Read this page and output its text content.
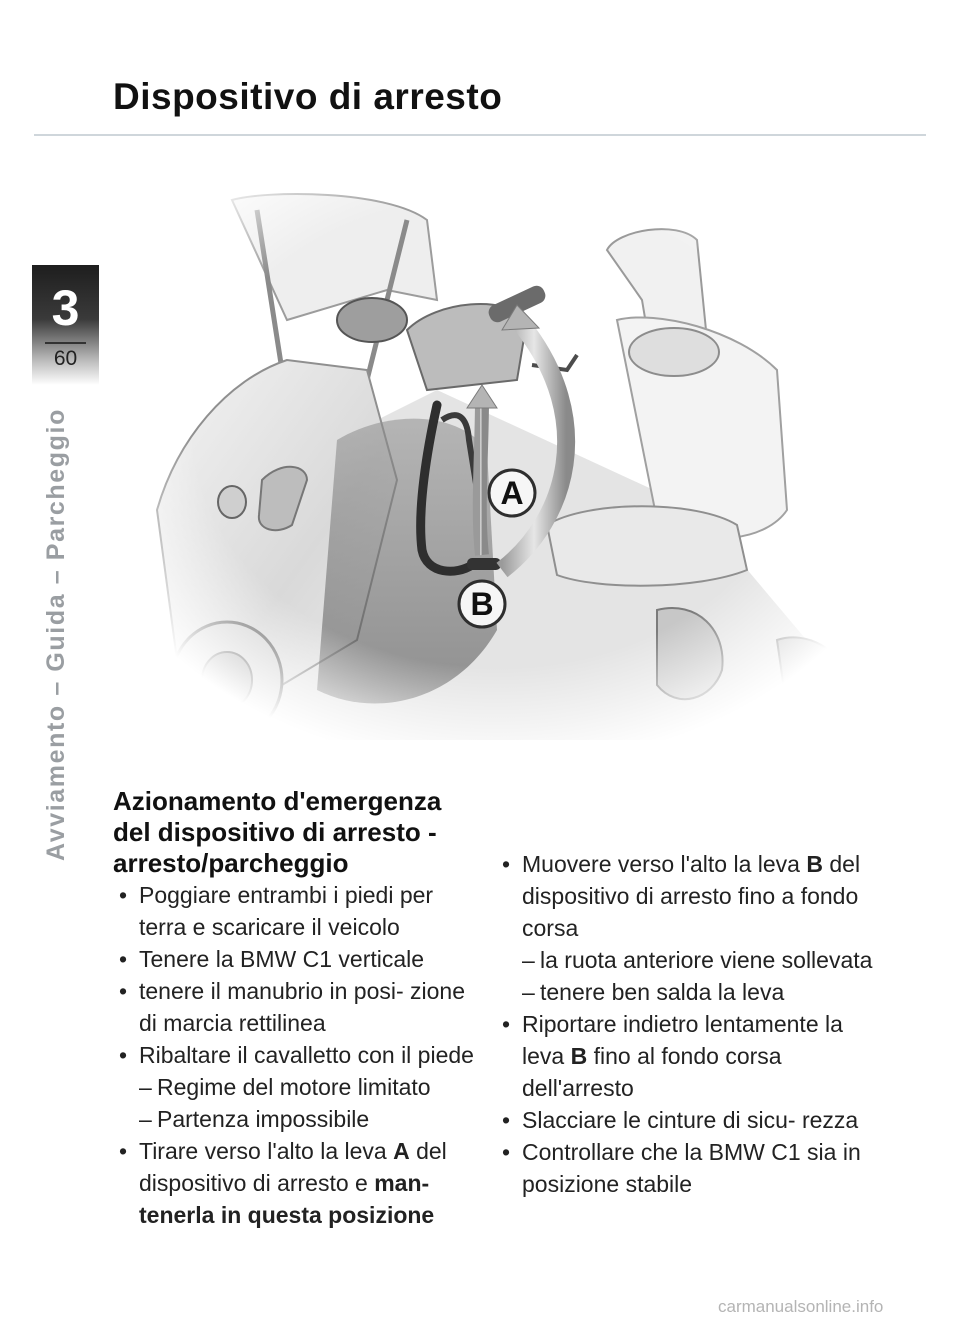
Dispositivo di arresto
3
60
Avviamento – Guida – Parcheggio	A
B
Azionamento d'emergenza del dispositivo di arresto - arresto/parcheggio
• Poggiare entrambi i piedi per terra e scaricare il veicolo
• Tenere la BMW C1 verticale
• tenere il manubrio in posi- zione di marcia rettilinea
• Ribaltare il cavalletto con il piede
– Regime del motore limitato
– Partenza impossibile
• Tirare verso l'alto la leva A del dispositivo di arresto e man- tenerla in questa posizione
• Muovere verso l'alto la leva B del dispositivo di arresto fino a fondo corsa
– la ruota anteriore viene sollevata
– tenere ben salda la leva
• Riportare indietro lentamente la leva B fino al fondo corsa dell'arresto
• Slacciare le cinture di sicu- rezza
• Controllare che la BMW C1 sia in posizione stabile
carmanualsonline.info
